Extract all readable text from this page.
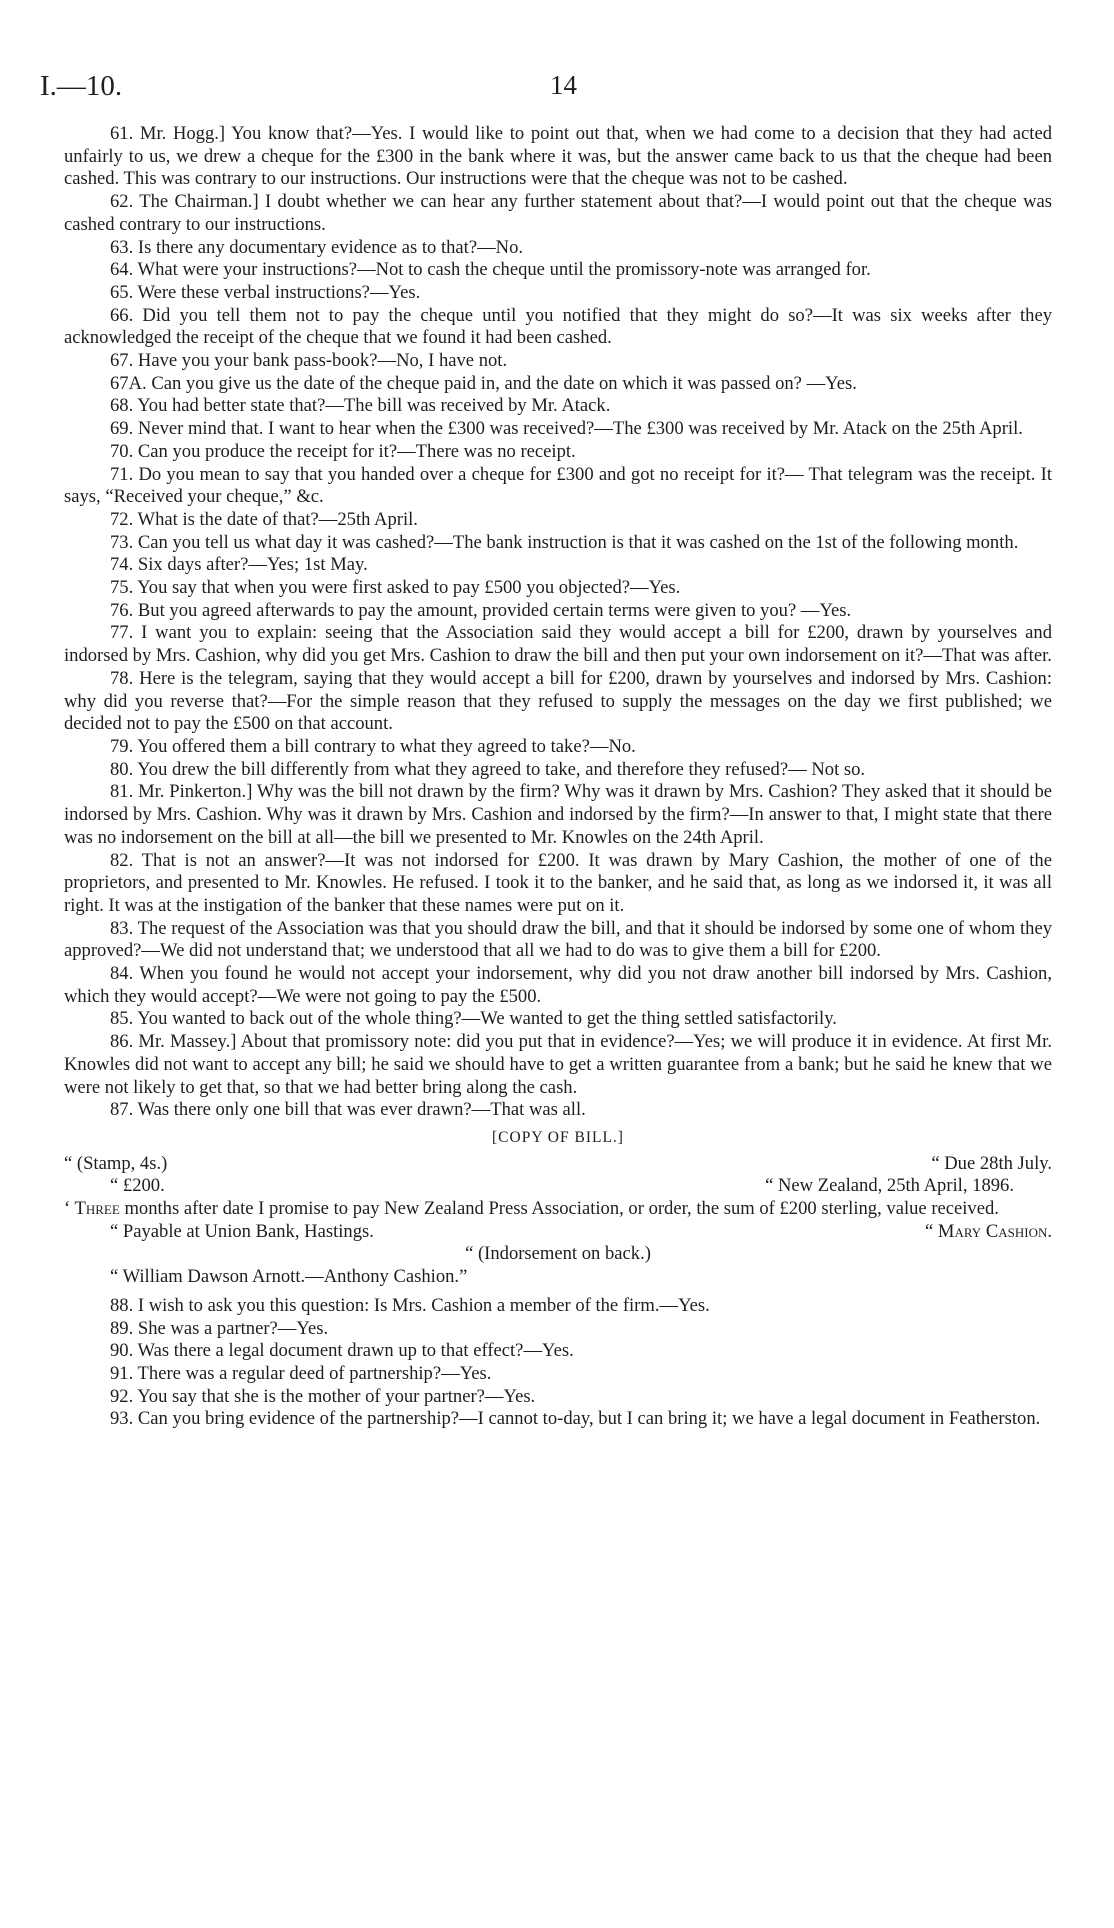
I.—10.	14

61. Mr. Hogg.] You know that?—Yes. I would like to point out that, when we had come to a decision that they had acted unfairly to us, we drew a cheque for the £300 in the bank where it was, but the answer came back to us that the cheque had been cashed. This was contrary to our instructions. Our instructions were that the cheque was not to be cashed.

62. The Chairman.] I doubt whether we can hear any further statement about that?—I would point out that the cheque was cashed contrary to our instructions.

63. Is there any documentary evidence as to that?—No.

64. What were your instructions?—Not to cash the cheque until the promissory-note was arranged for.

65. Were these verbal instructions?—Yes.

66. Did you tell them not to pay the cheque until you notified that they might do so?—It was six weeks after they acknowledged the receipt of the cheque that we found it had been cashed.

67. Have you your bank pass-book?—No, I have not.

67A. Can you give us the date of the cheque paid in, and the date on which it was passed on? —Yes.

68. You had better state that?—The bill was received by Mr. Atack.

69. Never mind that. I want to hear when the £300 was received?—The £300 was received by Mr. Atack on the 25th April.

70. Can you produce the receipt for it?—There was no receipt.

71. Do you mean to say that you handed over a cheque for £300 and got no receipt for it?— That telegram was the receipt. It says, “Received your cheque,” &c.

72. What is the date of that?—25th April.

73. Can you tell us what day it was cashed?—The bank instruction is that it was cashed on the 1st of the following month.

74. Six days after?—Yes; 1st May.

75. You say that when you were first asked to pay £500 you objected?—Yes.

76. But you agreed afterwards to pay the amount, provided certain terms were given to you? —Yes.

77. I want you to explain: seeing that the Association said they would accept a bill for £200, drawn by yourselves and indorsed by Mrs. Cashion, why did you get Mrs. Cashion to draw the bill and then put your own indorsement on it?—That was after.

78. Here is the telegram, saying that they would accept a bill for £200, drawn by yourselves and indorsed by Mrs. Cashion: why did you reverse that?—For the simple reason that they refused to supply the messages on the day we first published; we decided not to pay the £500 on that account.

79. You offered them a bill contrary to what they agreed to take?—No.

80. You drew the bill differently from what they agreed to take, and therefore they refused?— Not so.

81. Mr. Pinkerton.] Why was the bill not drawn by the firm? Why was it drawn by Mrs. Cashion? They asked that it should be indorsed by Mrs. Cashion. Why was it drawn by Mrs. Cashion and indorsed by the firm?—In answer to that, I might state that there was no indorsement on the bill at all—the bill we presented to Mr. Knowles on the 24th April.

82. That is not an answer?—It was not indorsed for £200. It was drawn by Mary Cashion, the mother of one of the proprietors, and presented to Mr. Knowles. He refused. I took it to the banker, and he said that, as long as we indorsed it, it was all right. It was at the instigation of the banker that these names were put on it.

83. The request of the Association was that you should draw the bill, and that it should be indorsed by some one of whom they approved?—We did not understand that; we understood that all we had to do was to give them a bill for £200.

84. When you found he would not accept your indorsement, why did you not draw another bill indorsed by Mrs. Cashion, which they would accept?—We were not going to pay the £500.

85. You wanted to back out of the whole thing?—We wanted to get the thing settled satisfactorily.

86. Mr. Massey.] About that promissory note: did you put that in evidence?—Yes; we will produce it in evidence. At first Mr. Knowles did not want to accept any bill; he said we should have to get a written guarantee from a bank; but he said he knew that we were not likely to get that, so that we had better bring along the cash.

87. Was there only one bill that was ever drawn?—That was all.

[COPY OF BILL.]
“ (Stamp, 4s.)	“ Due 28th July.
“ £200.	“ New Zealand, 25th April, 1896.

‘ Three months after date I promise to pay New Zealand Press Association, or order, the sum of £200 sterling, value received.

“ Payable at Union Bank, Hastings.	“ Mary Cashion.
“ (Indorsement on back.)
“ William Dawson Arnott.—Anthony Cashion.”

88. I wish to ask you this question: Is Mrs. Cashion a member of the firm.—Yes.

89. She was a partner?—Yes.

90. Was there a legal document drawn up to that effect?—Yes.

91. There was a regular deed of partnership?—Yes.

92. You say that she is the mother of your partner?—Yes.

93. Can you bring evidence of the partnership?—I cannot to-day, but I can bring it; we have a legal document in Featherston.
